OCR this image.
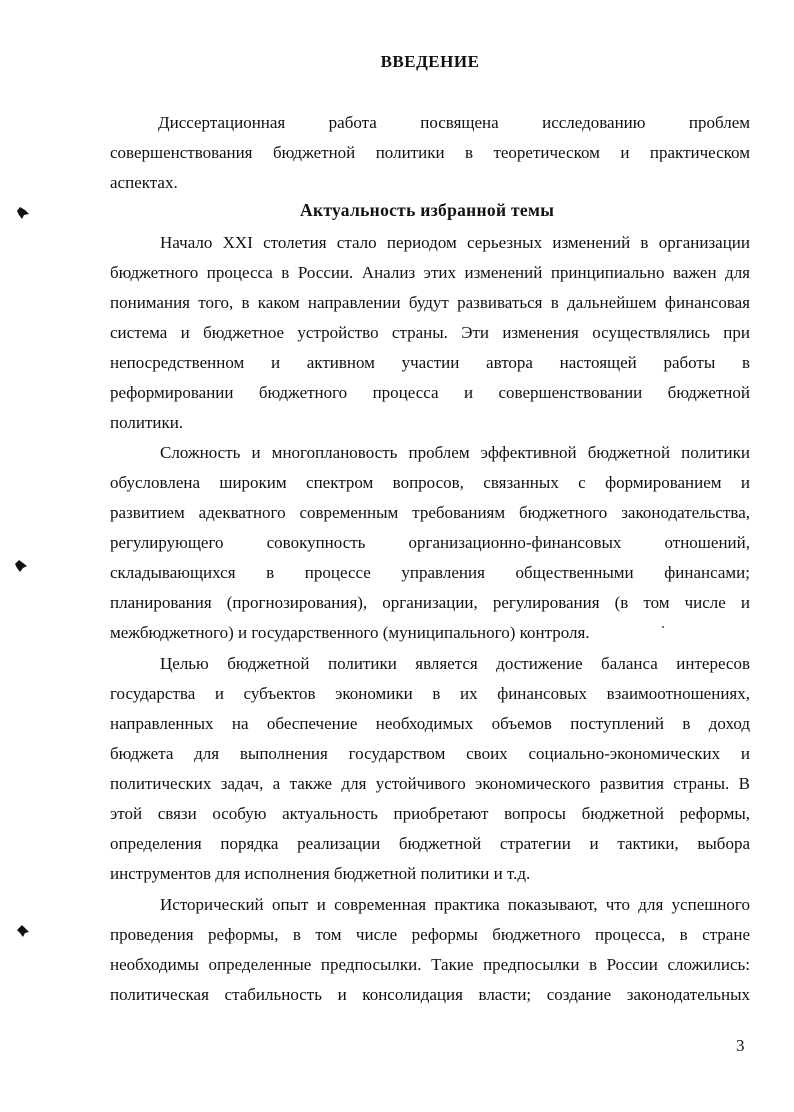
ВВЕДЕНИЕ
Диссертационная работа посвящена исследованию проблем
совершенствования бюджетной политики в теоретическом и практическом
аспектах.
Актуальность избранной темы
Начало XXI столетия стало периодом серьезных изменений в организации
бюджетного процесса в России. Анализ этих изменений принципиально важен для
понимания того, в каком направлении будут развиваться в дальнейшем финансовая
система и бюджетное устройство страны. Эти изменения осуществлялись при
непосредственном и активном участии автора настоящей работы в
реформировании бюджетного процесса и совершенствовании бюджетной
политики.
Сложность и многоплановость проблем эффективной бюджетной политики
обусловлена широким спектром вопросов, связанных с формированием и
развитием адекватного современным требованиям бюджетного законодательства,
регулирующего совокупность организационно-финансовых отношений,
складывающихся в процессе управления общественными финансами;
планирования (прогнозирования), организации, регулирования (в том числе и
межбюджетного) и государственного (муниципального) контроля.
Целью бюджетной политики является достижение баланса интересов
государства и субъектов экономики в их финансовых взаимоотношениях,
направленных на обеспечение необходимых объемов поступлений в доход
бюджета для выполнения государством своих социально-экономических и
политических задач, а также для устойчивого экономического развития страны. В
этой связи особую актуальность приобретают вопросы бюджетной реформы,
определения порядка реализации бюджетной стратегии и тактики, выбора
инструментов для исполнения бюджетной политики и т.д.
Исторический опыт и современная практика показывают, что для успешного
проведения реформы, в том числе реформы бюджетного процесса, в стране
необходимы определенные предпосылки. Такие предпосылки в России сложились:
политическая стабильность и консолидация власти; создание законодательных
3
